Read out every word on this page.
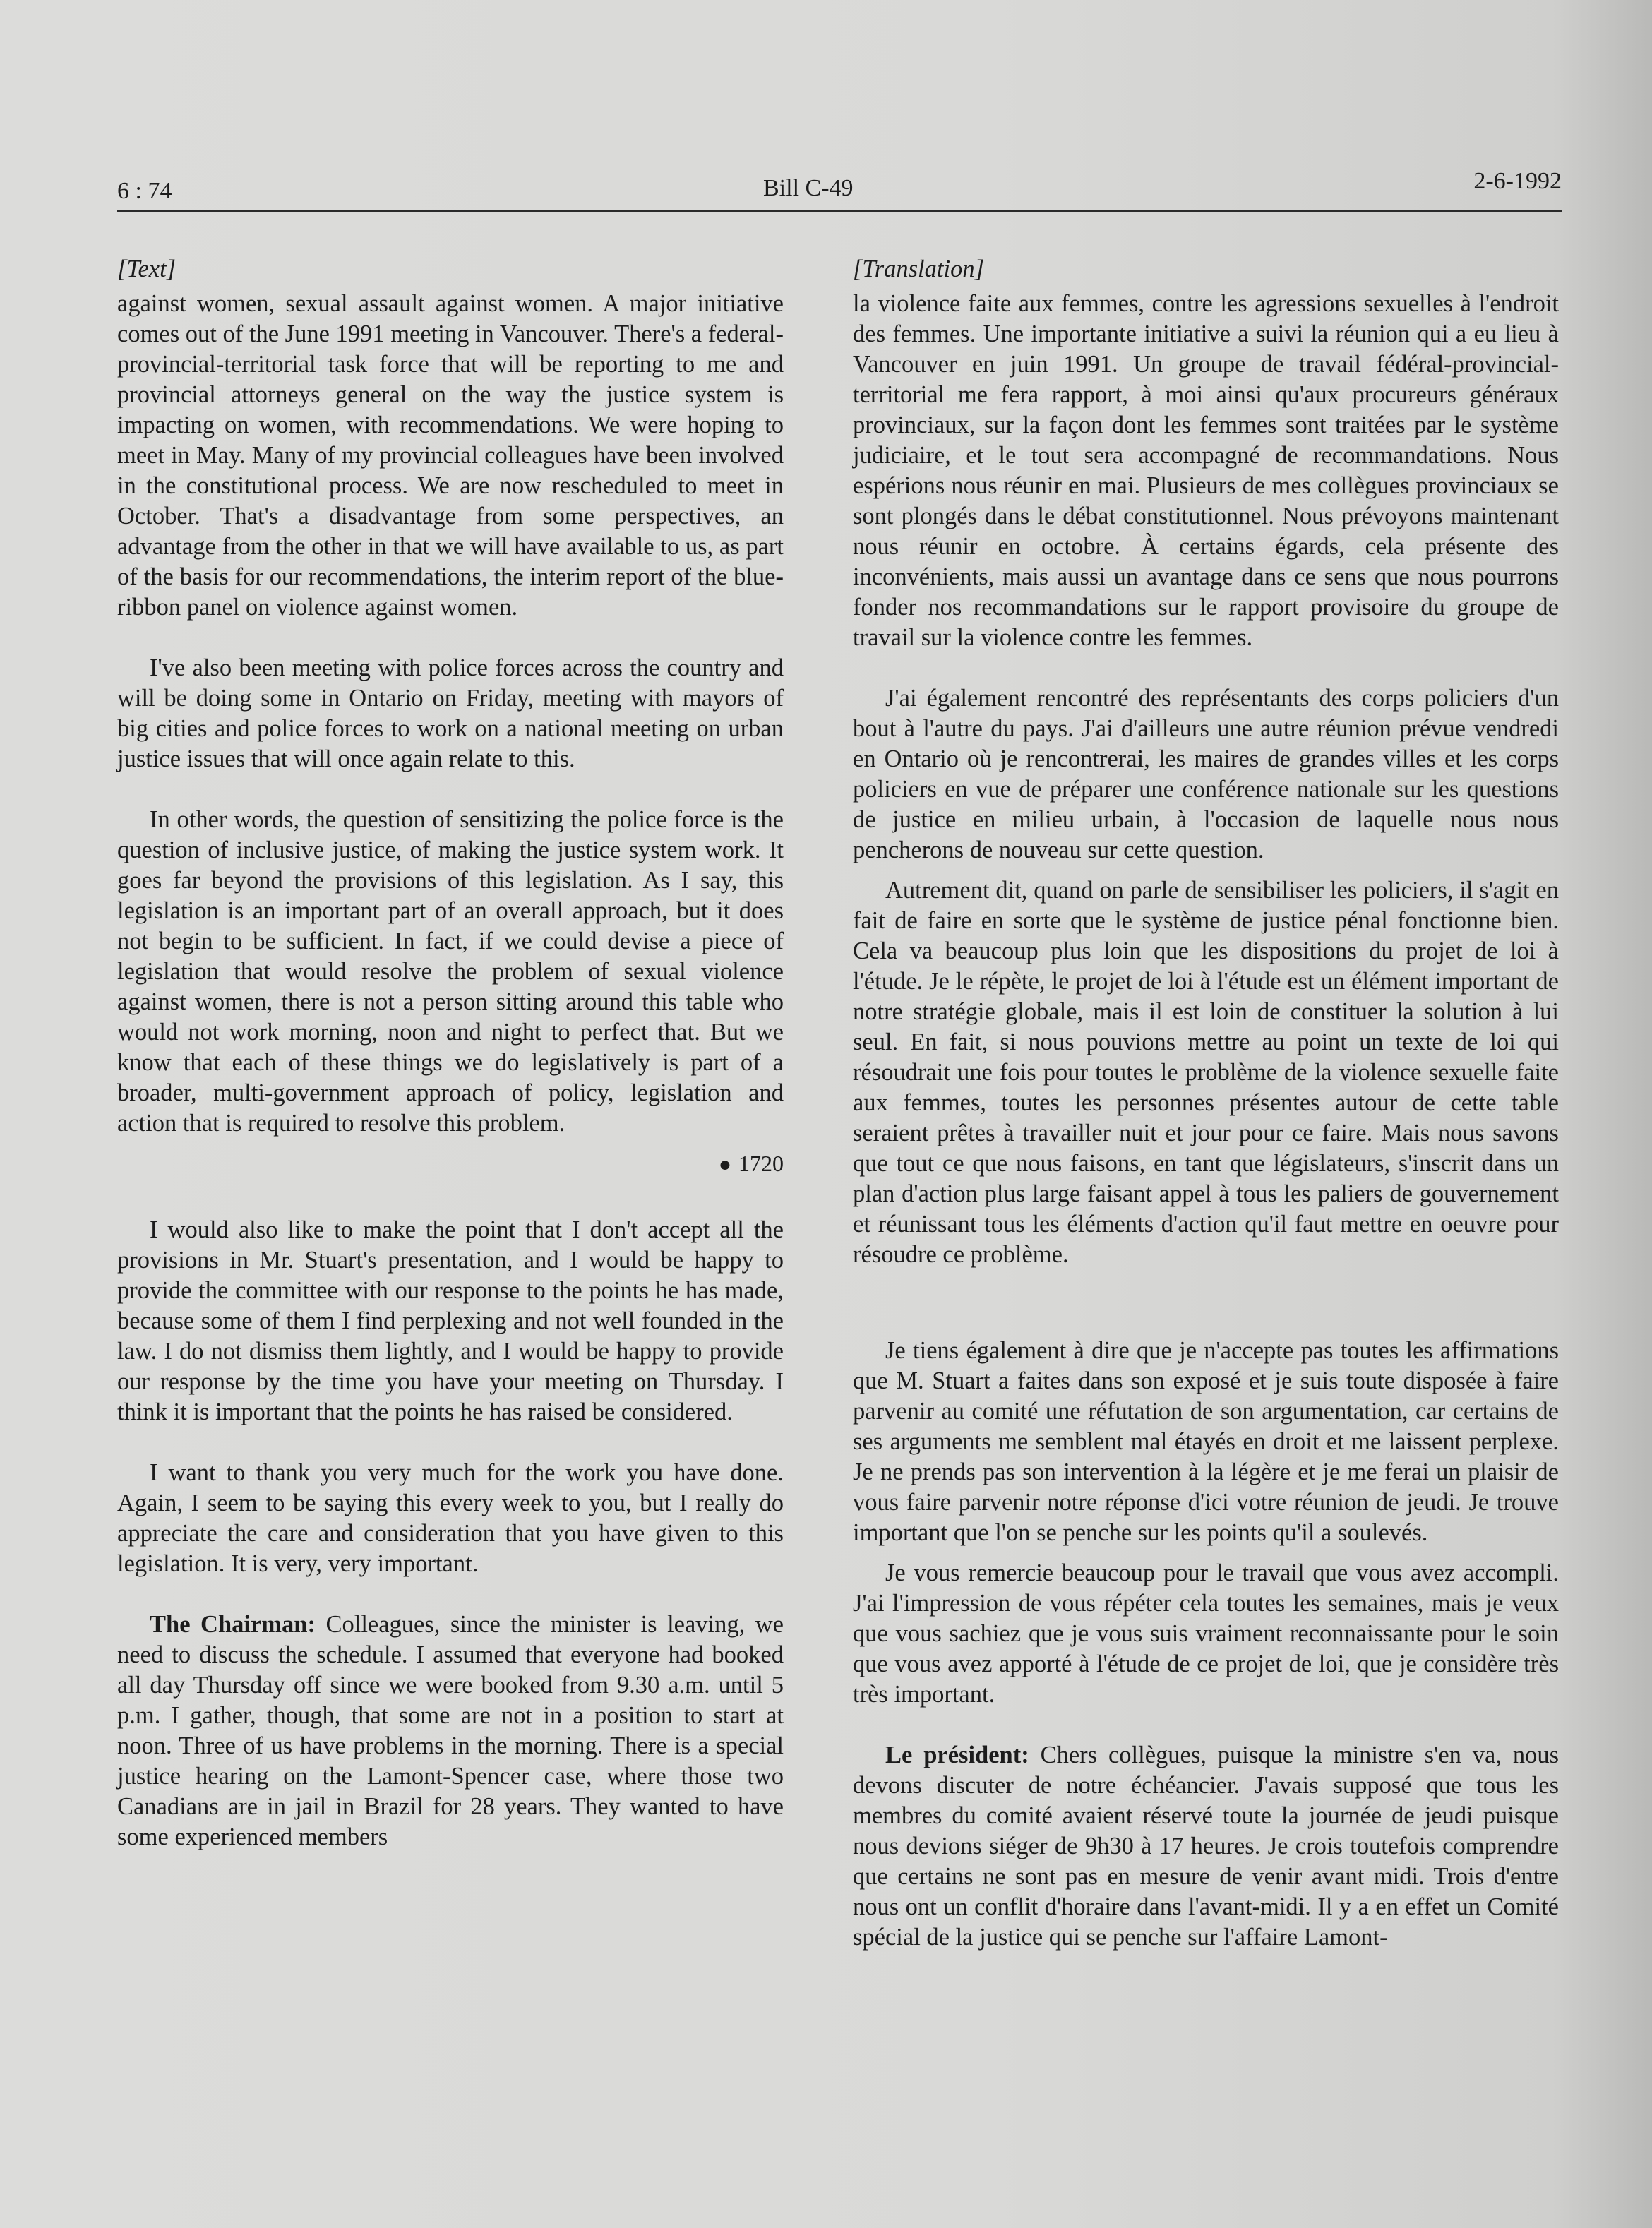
6 : 74	Bill C-49	2-6-1992
[Text]

against women, sexual assault against women. A major initiative comes out of the June 1991 meeting in Vancouver. There's a federal-provincial-territorial task force that will be reporting to me and provincial attorneys general on the way the justice system is impacting on women, with recommendations. We were hoping to meet in May. Many of my provincial colleagues have been involved in the constitutional process. We are now rescheduled to meet in October. That's a disadvantage from some perspectives, an advantage from the other in that we will have available to us, as part of the basis for our recommendations, the interim report of the blue-ribbon panel on violence against women.

I've also been meeting with police forces across the country and will be doing some in Ontario on Friday, meeting with mayors of big cities and police forces to work on a national meeting on urban justice issues that will once again relate to this.

In other words, the question of sensitizing the police force is the question of inclusive justice, of making the justice system work. It goes far beyond the provisions of this legislation. As I say, this legislation is an important part of an overall approach, but it does not begin to be sufficient. In fact, if we could devise a piece of legislation that would resolve the problem of sexual violence against women, there is not a person sitting around this table who would not work morning, noon and night to perfect that. But we know that each of these things we do legislatively is part of a broader, multi-government approach of policy, legislation and action that is required to resolve this problem.

● 1720

I would also like to make the point that I don't accept all the provisions in Mr. Stuart's presentation, and I would be happy to provide the committee with our response to the points he has made, because some of them I find perplexing and not well founded in the law. I do not dismiss them lightly, and I would be happy to provide our response by the time you have your meeting on Thursday. I think it is important that the points he has raised be considered.

I want to thank you very much for the work you have done. Again, I seem to be saying this every week to you, but I really do appreciate the care and consideration that you have given to this legislation. It is very, very important.

The Chairman: Colleagues, since the minister is leaving, we need to discuss the schedule. I assumed that everyone had booked all day Thursday off since we were booked from 9.30 a.m. until 5 p.m. I gather, though, that some are not in a position to start at noon. Three of us have problems in the morning. There is a special justice hearing on the Lamont-Spencer case, where those two Canadians are in jail in Brazil for 28 years. They wanted to have some experienced members

[Translation]

la violence faite aux femmes, contre les agressions sexuelles à l'endroit des femmes. Une importante initiative a suivi la réunion qui a eu lieu à Vancouver en juin 1991. Un groupe de travail fédéral-provincial-territorial me fera rapport, à moi ainsi qu'aux procureurs généraux provinciaux, sur la façon dont les femmes sont traitées par le système judiciaire, et le tout sera accompagné de recommandations. Nous espérions nous réunir en mai. Plusieurs de mes collègues provinciaux se sont plongés dans le débat constitutionnel. Nous prévoyons maintenant nous réunir en octobre. À certains égards, cela présente des inconvénients, mais aussi un avantage dans ce sens que nous pourrons fonder nos recommandations sur le rapport provisoire du groupe de travail sur la violence contre les femmes.

J'ai également rencontré des représentants des corps policiers d'un bout à l'autre du pays. J'ai d'ailleurs une autre réunion prévue vendredi en Ontario où je rencontrerai, les maires de grandes villes et les corps policiers en vue de préparer une conférence nationale sur les questions de justice en milieu urbain, à l'occasion de laquelle nous nous pencherons de nouveau sur cette question.

Autrement dit, quand on parle de sensibiliser les policiers, il s'agit en fait de faire en sorte que le système de justice pénal fonctionne bien. Cela va beaucoup plus loin que les dispositions du projet de loi à l'étude. Je le répète, le projet de loi à l'étude est un élément important de notre stratégie globale, mais il est loin de constituer la solution à lui seul. En fait, si nous pouvions mettre au point un texte de loi qui résoudrait une fois pour toutes le problème de la violence sexuelle faite aux femmes, toutes les personnes présentes autour de cette table seraient prêtes à travailler nuit et jour pour ce faire. Mais nous savons que tout ce que nous faisons, en tant que législateurs, s'inscrit dans un plan d'action plus large faisant appel à tous les paliers de gouvernement et réunissant tous les éléments d'action qu'il faut mettre en oeuvre pour résoudre ce problème.

Je tiens également à dire que je n'accepte pas toutes les affirmations que M. Stuart a faites dans son exposé et je suis toute disposée à faire parvenir au comité une réfutation de son argumentation, car certains de ses arguments me semblent mal étayés en droit et me laissent perplexe. Je ne prends pas son intervention à la légère et je me ferai un plaisir de vous faire parvenir notre réponse d'ici votre réunion de jeudi. Je trouve important que l'on se penche sur les points qu'il a soulevés.

Je vous remercie beaucoup pour le travail que vous avez accompli. J'ai l'impression de vous répéter cela toutes les semaines, mais je veux que vous sachiez que je vous suis vraiment reconnaissante pour le soin que vous avez apporté à l'étude de ce projet de loi, que je considère très très important.

Le président: Chers collègues, puisque la ministre s'en va, nous devons discuter de notre échéancier. J'avais supposé que tous les membres du comité avaient réservé toute la journée de jeudi puisque nous devions siéger de 9h30 à 17 heures. Je crois toutefois comprendre que certains ne sont pas en mesure de venir avant midi. Trois d'entre nous ont un conflit d'horaire dans l'avant-midi. Il y a en effet un Comité spécial de la justice qui se penche sur l'affaire Lamont-
